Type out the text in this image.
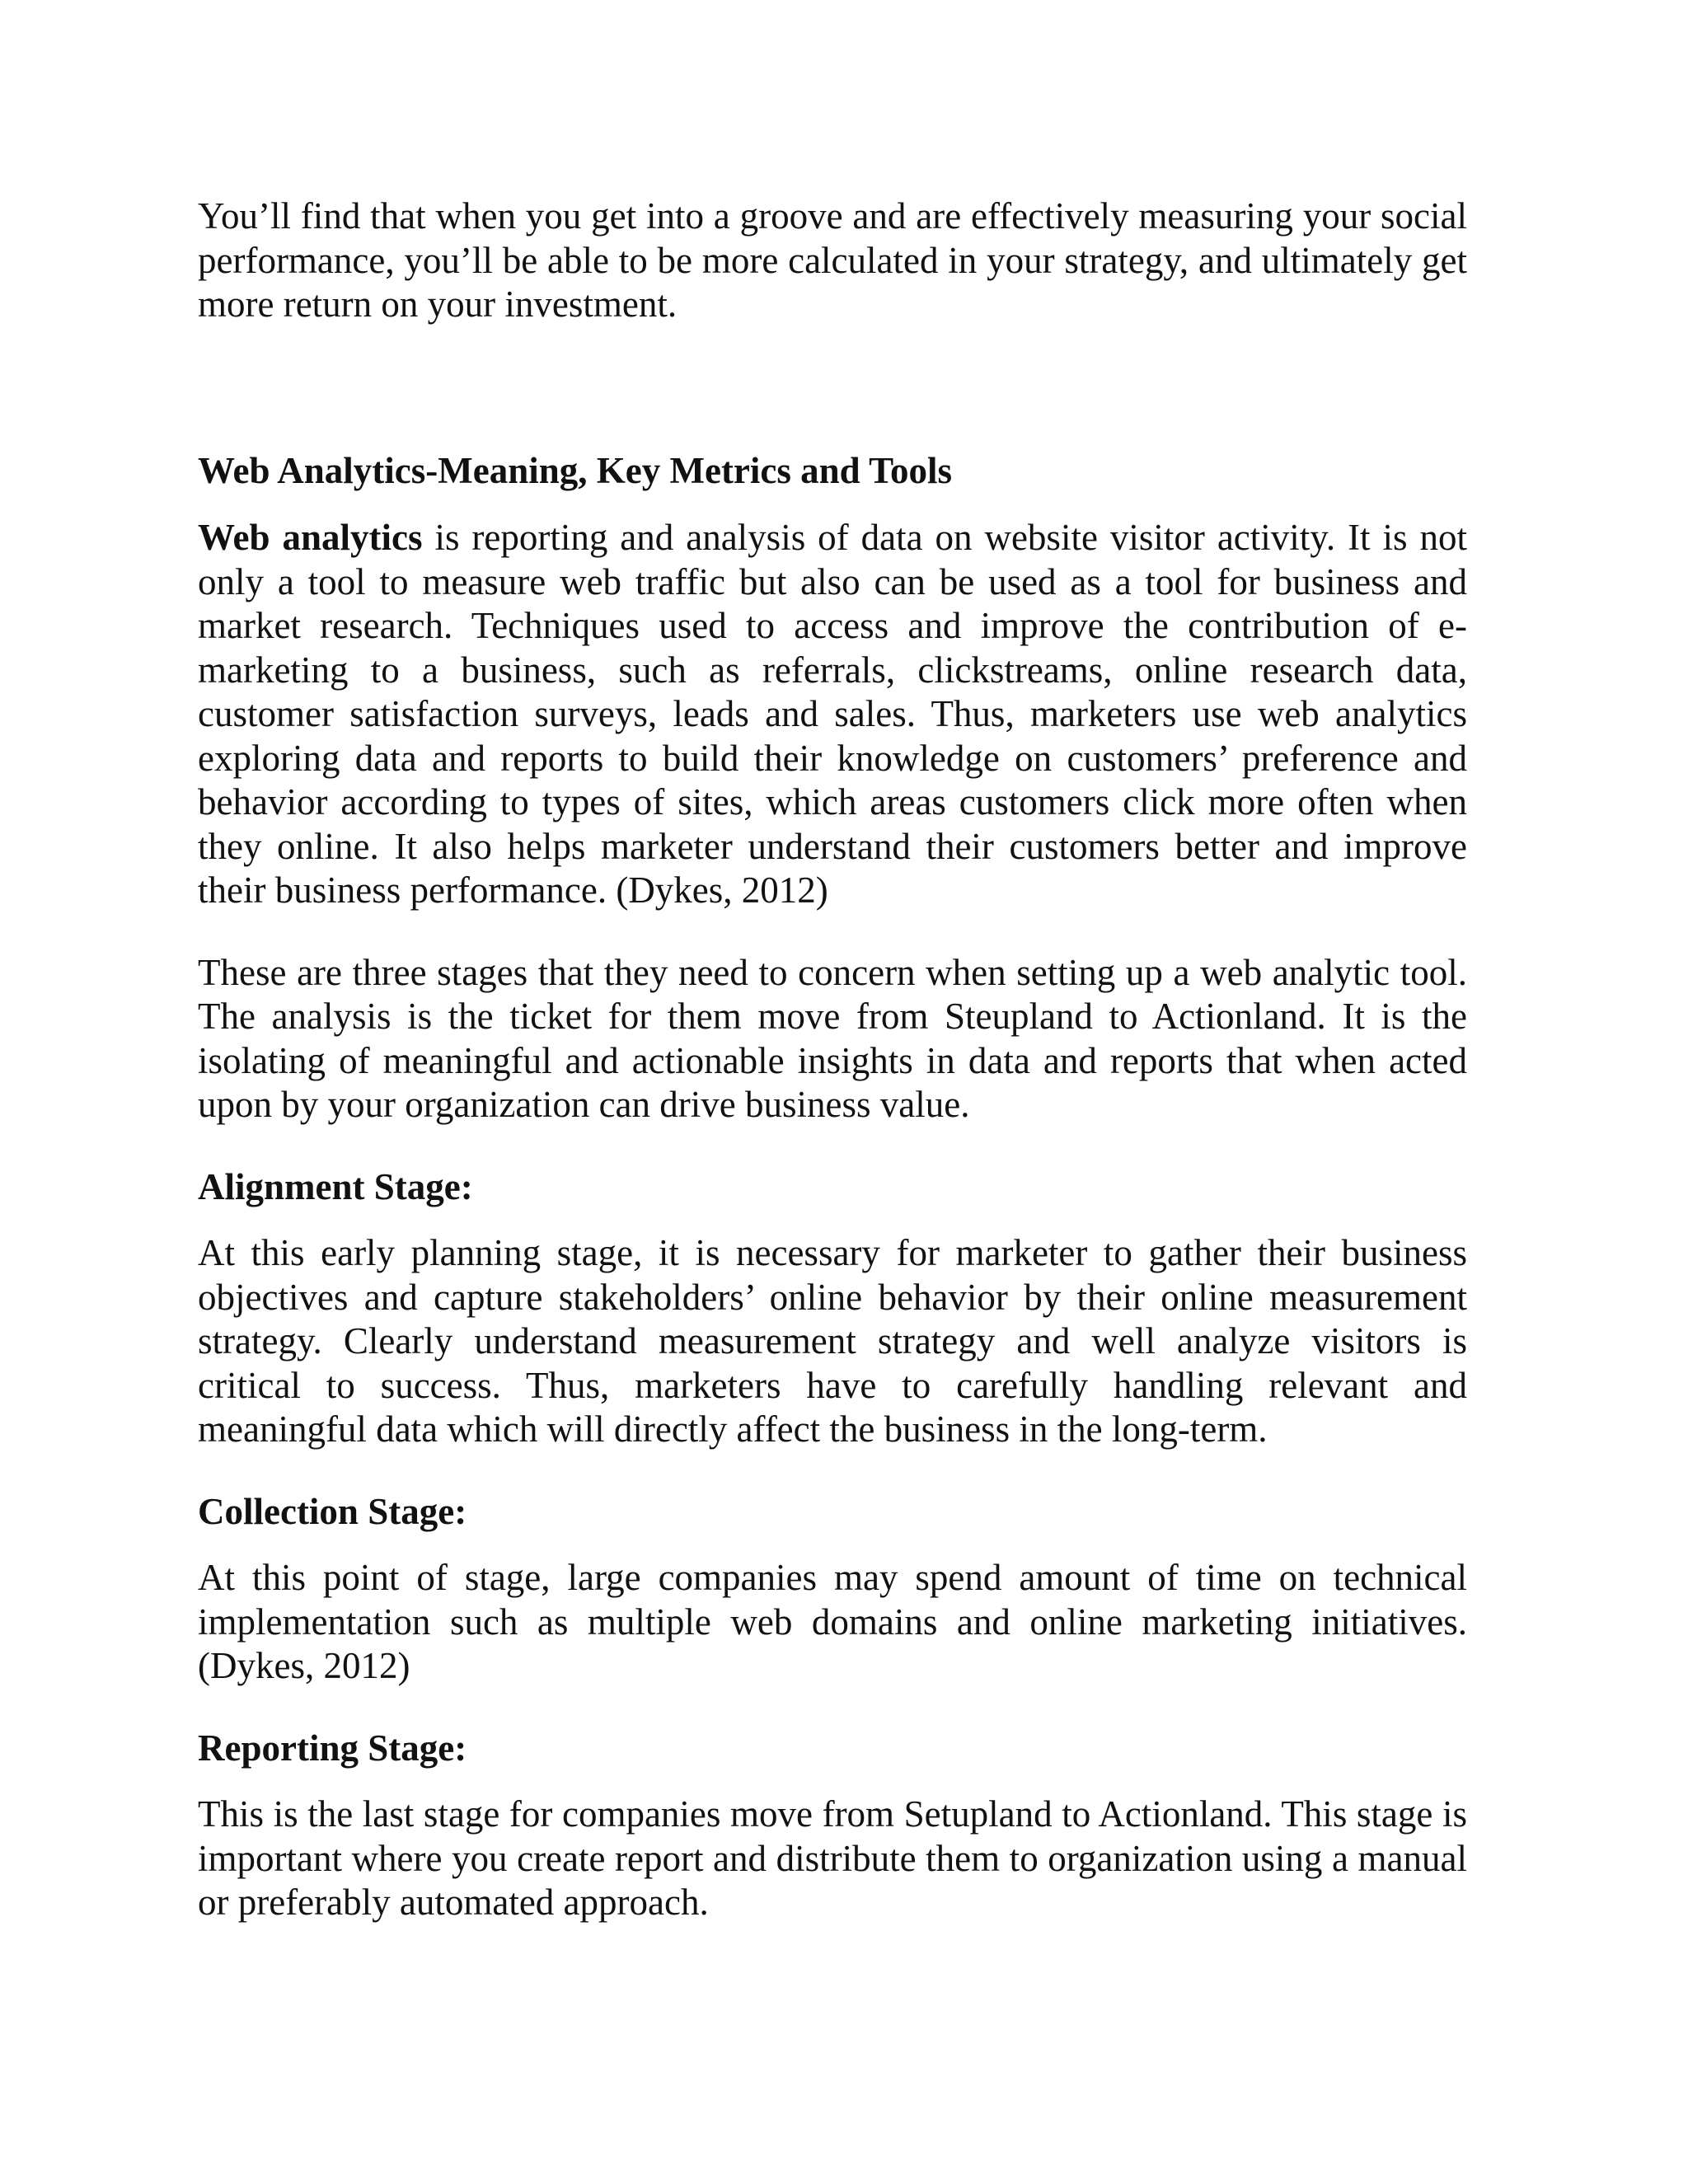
You’ll find that when you get into a groove and are effectively measuring your social performance, you’ll be able to be more calculated in your strategy, and ultimately get more return on your investment.

Web Analytics-Meaning, Key Metrics and Tools

Web analytics is reporting and analysis of data on website visitor activity. It is not only a tool to measure web traffic but also can be used as a tool for business and market research. Techniques used to access and improve the contribution of e-marketing to a business, such as referrals, clickstreams, online research data, customer satisfaction surveys, leads and sales. Thus, marketers use web analytics exploring data and reports to build their knowledge on customers’ preference and behavior according to types of sites, which areas customers click more often when they online. It also helps marketer understand their customers better and improve their business performance. (Dykes, 2012)

These are three stages that they need to concern when setting up a web analytic tool. The analysis is the ticket for them move from Steupland to Actionland. It is the isolating of meaningful and actionable insights in data and reports that when acted upon by your organization can drive business value.

Alignment Stage:

At this early planning stage, it is necessary for marketer to gather their business objectives and capture stakeholders’ online behavior by their online measurement strategy. Clearly understand measurement strategy and well analyze visitors is critical to success. Thus, marketers have to carefully handling relevant and meaningful data which will directly affect the business in the long-term.

Collection Stage:

At this point of stage, large companies may spend amount of time on technical implementation such as multiple web domains and online marketing initiatives. (Dykes, 2012)

Reporting Stage:

This is the last stage for companies move from Setupland to Actionland. This stage is important where you create report and distribute them to organization using a manual or preferably automated approach.
